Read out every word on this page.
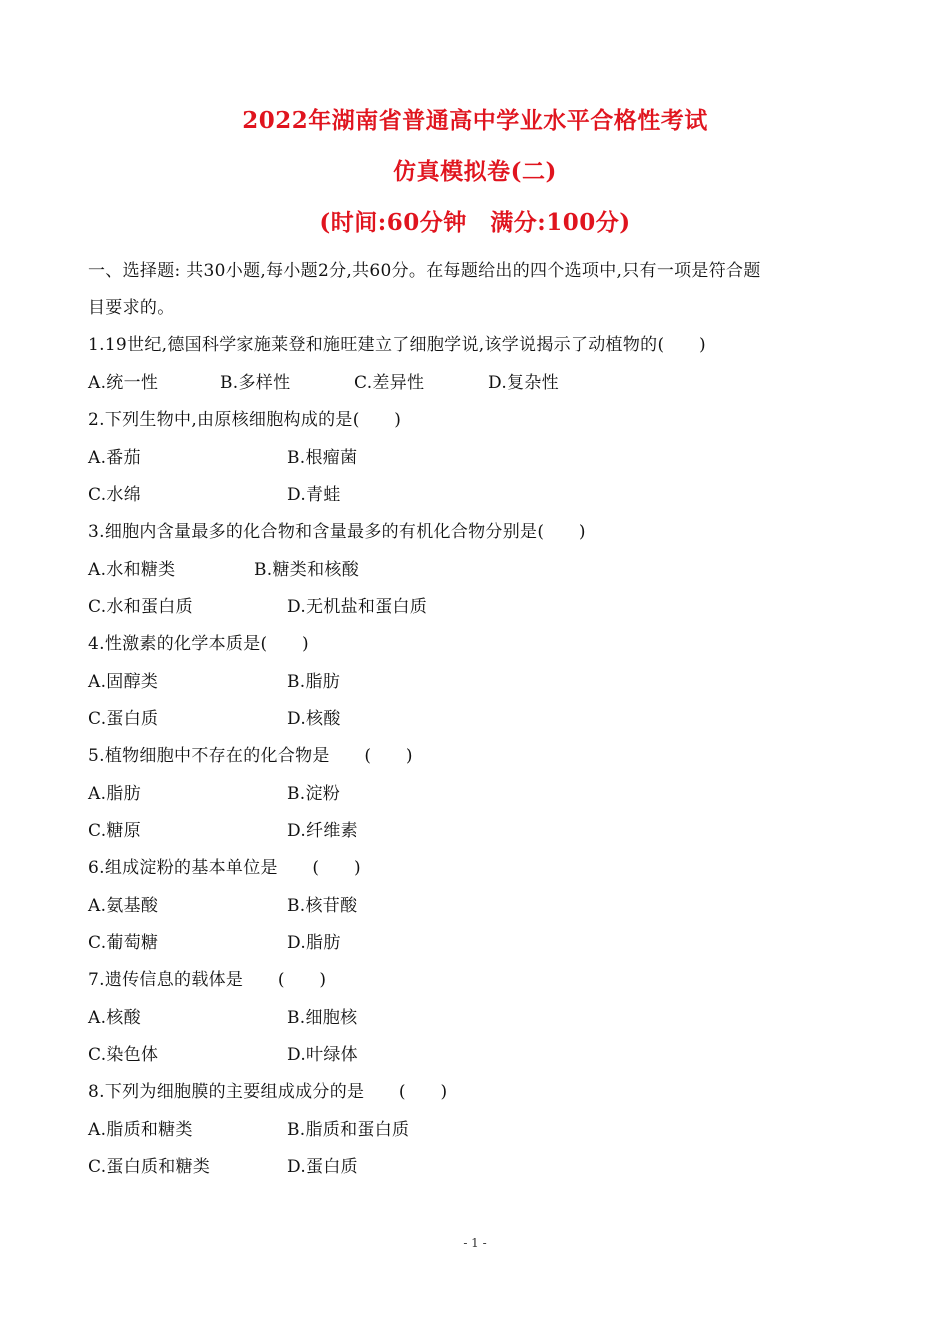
2022年湖南省普通高中学业水平合格性考试
仿真模拟卷(二)
(时间:60分钟　满分:100分)
一、选择题: 共30小题,每小题2分,共60分。在每题给出的四个选项中,只有一项是符合题
目要求的。
1.19世纪,德国科学家施莱登和施旺建立了细胞学说,该学说揭示了动植物的(　　)
A.统一性	B.多样性	C.差异性	D.复杂性
2.下列生物中,由原核细胞构成的是(　　)
A.番茄	B.根瘤菌
C.水绵	D.青蛙
3.细胞内含量最多的化合物和含量最多的有机化合物分别是(　　)
A.水和糖类	B.糖类和核酸
C.水和蛋白质	D.无机盐和蛋白质
4.性激素的化学本质是(　　)
A.固醇类	B.脂肪
C.蛋白质	D.核酸
5.植物细胞中不存在的化合物是　　(　　)
A.脂肪	B.淀粉
C.糖原	D.纤维素
6.组成淀粉的基本单位是　　(　　)
A.氨基酸	B.核苷酸
C.葡萄糖	D.脂肪
7.遗传信息的载体是　　(　　)
A.核酸	B.细胞核
C.染色体	D.叶绿体
8.下列为细胞膜的主要组成成分的是　　(　　)
A.脂质和糖类	B.脂质和蛋白质
C.蛋白质和糖类	D.蛋白质
- 1 -
